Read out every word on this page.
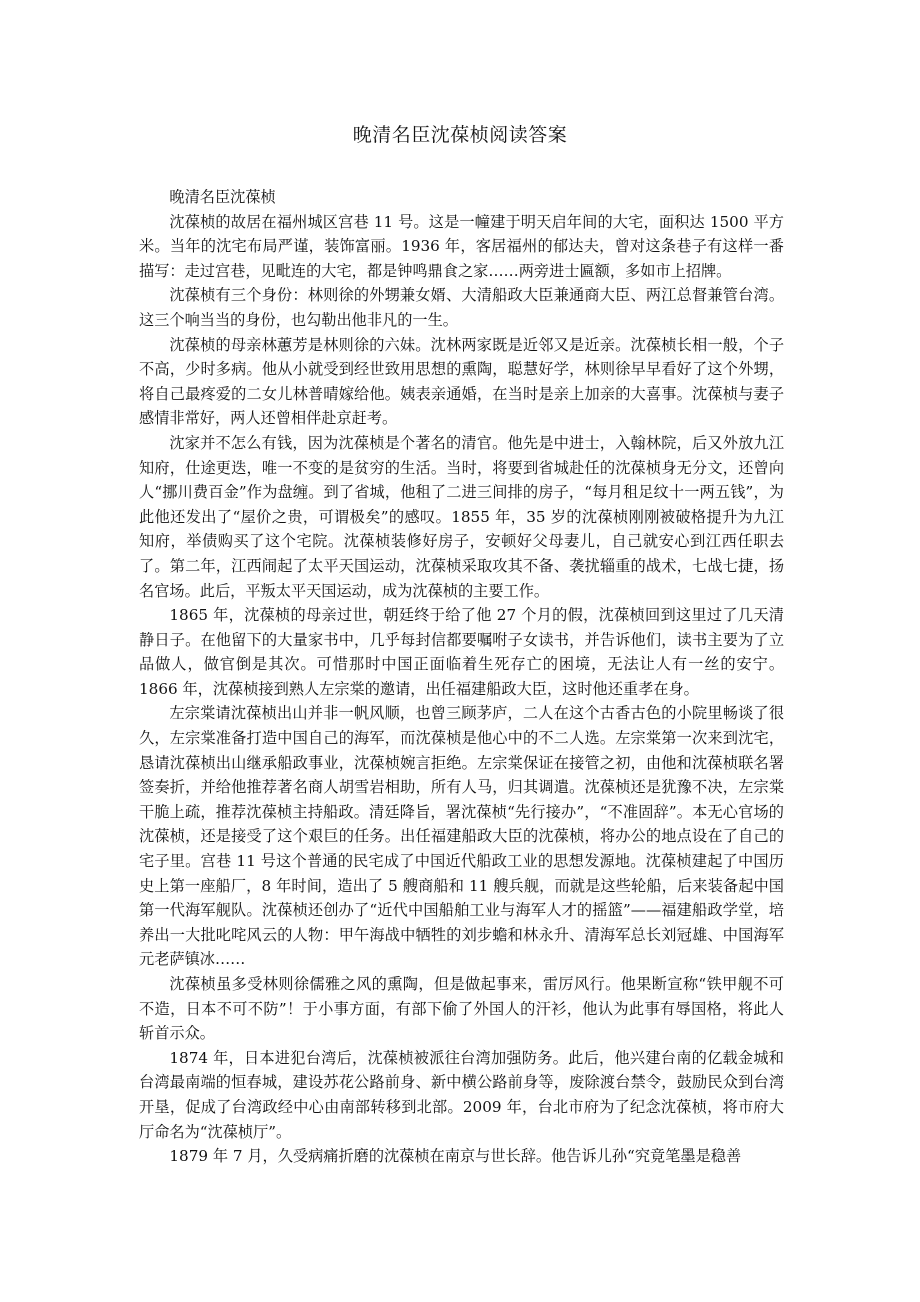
晚清名臣沈葆桢阅读答案

晚清名臣沈葆桢

沈葆桢的故居在福州城区宫巷 11 号。这是一幢建于明天启年间的大宅，面积达 1500 平方米。当年的沈宅布局严谨，装饰富丽。1936 年，客居福州的郁达夫，曾对这条巷子有这样一番描写：走过宫巷，见毗连的大宅，都是钟鸣鼎食之家……两旁进士匾额，多如市上招牌。

沈葆桢有三个身份：林则徐的外甥兼女婿、大清船政大臣兼通商大臣、两江总督兼管台湾。这三个响当当的身份，也勾勒出他非凡的一生。

沈葆桢的母亲林蕙芳是林则徐的六妹。沈林两家既是近邻又是近亲。沈葆桢长相一般，个子不高，少时多病。他从小就受到经世致用思想的熏陶，聪慧好学，林则徐早早看好了这个外甥，将自己最疼爱的二女儿林普晴嫁给他。姨表亲通婚，在当时是亲上加亲的大喜事。沈葆桢与妻子感情非常好，两人还曾相伴赴京赶考。

沈家并不怎么有钱，因为沈葆桢是个著名的清官。他先是中进士，入翰林院，后又外放九江知府，仕途更迭，唯一不变的是贫穷的生活。当时，将要到省城赴任的沈葆桢身无分文，还曾向人“挪川费百金”作为盘缠。到了省城，他租了二进三间排的房子，“每月租足纹十一两五钱”，为此他还发出了“屋价之贵，可谓极矣”的感叹。1855 年，35 岁的沈葆桢刚刚被破格提升为九江知府，举债购买了这个宅院。沈葆桢装修好房子，安顿好父母妻儿，自己就安心到江西任职去了。第二年，江西闹起了太平天国运动，沈葆桢采取攻其不备、袭扰辎重的战术，七战七捷，扬名官场。此后，平叛太平天国运动，成为沈葆桢的主要工作。

1865 年，沈葆桢的母亲过世，朝廷终于给了他 27 个月的假，沈葆桢回到这里过了几天清静日子。在他留下的大量家书中，几乎每封信都要嘱咐子女读书，并告诉他们，读书主要为了立品做人，做官倒是其次。可惜那时中国正面临着生死存亡的困境，无法让人有一丝的安宁。1866 年，沈葆桢接到熟人左宗棠的邀请，出任福建船政大臣，这时他还重孝在身。

左宗棠请沈葆桢出山并非一帆风顺，也曾三顾茅庐，二人在这个古香古色的小院里畅谈了很久，左宗棠准备打造中国自己的海军，而沈葆桢是他心中的不二人选。左宗棠第一次来到沈宅，恳请沈葆桢出山继承船政事业，沈葆桢婉言拒绝。左宗棠保证在接管之初，由他和沈葆桢联名署签奏折，并给他推荐著名商人胡雪岩相助，所有人马，归其调遣。沈葆桢还是犹豫不决，左宗棠干脆上疏，推荐沈葆桢主持船政。清廷降旨，署沈葆桢“先行接办”，“不准固辞”。本无心官场的沈葆桢，还是接受了这个艰巨的任务。出任福建船政大臣的沈葆桢，将办公的地点设在了自己的宅子里。宫巷 11 号这个普通的民宅成了中国近代船政工业的思想发源地。沈葆桢建起了中国历史上第一座船厂，8 年时间，造出了 5 艘商船和 11 艘兵舰，而就是这些轮船，后来装备起中国第一代海军舰队。沈葆桢还创办了“近代中国船舶工业与海军人才的摇篮”——福建船政学堂，培养出一大批叱咤风云的人物：甲午海战中牺牲的刘步蟾和林永升、清海军总长刘冠雄、中国海军元老萨镇冰……

沈葆桢虽多受林则徐儒雅之风的熏陶，但是做起事来，雷厉风行。他果断宣称“铁甲舰不可不造，日本不可不防”！于小事方面，有部下偷了外国人的汗衫，他认为此事有辱国格，将此人斩首示众。

1874 年，日本进犯台湾后，沈葆桢被派往台湾加强防务。此后，他兴建台南的亿载金城和台湾最南端的恒春城，建设苏花公路前身、新中横公路前身等，废除渡台禁令，鼓励民众到台湾开垦，促成了台湾政经中心由南部转移到北部。2009 年，台北市府为了纪念沈葆桢，将市府大厅命名为“沈葆桢厅”。

1879 年 7 月，久受病痛折磨的沈葆桢在南京与世长辞。他告诉儿孙“究竟笔墨是稳善
